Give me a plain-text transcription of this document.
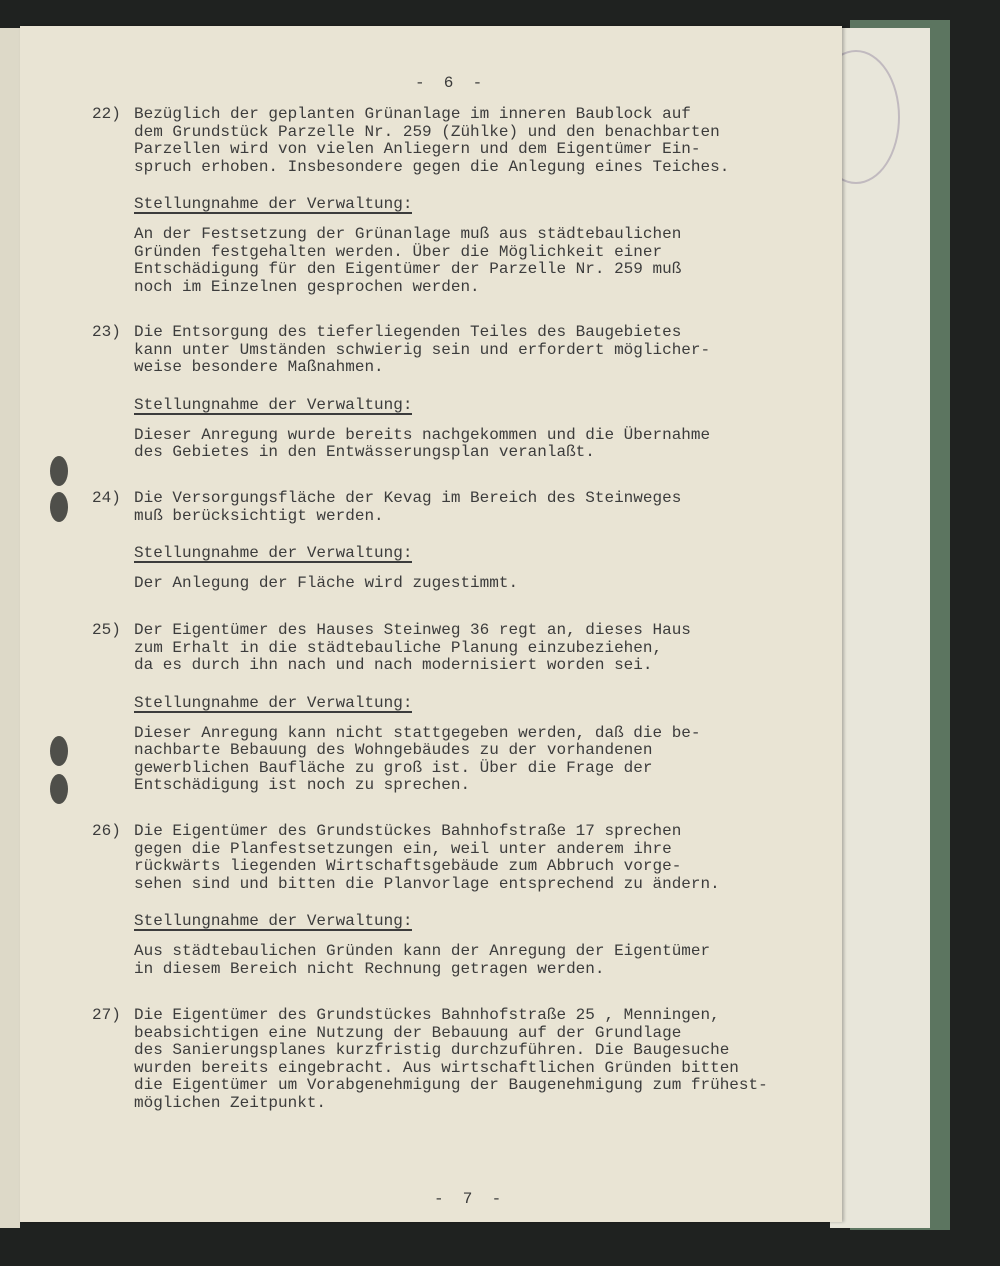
-  6  -
22) Bezüglich der geplanten Grünanlage im inneren Baublock auf

dem Grundstück Parzelle Nr. 259 (Zühlke) und den benachbarten

Parzellen wird von vielen Anliegern und dem Eigentümer Ein-

spruch erhoben. Insbesondere gegen die Anlegung eines Teiches.

Stellungnahme der Verwaltung:

An der Festsetzung der Grünanlage muß aus städtebaulichen

Gründen festgehalten werden. Über die Möglichkeit einer

Entschädigung für den Eigentümer der Parzelle Nr. 259 muß

noch im Einzelnen gesprochen werden.

23) Die Entsorgung des tieferliegenden Teiles des Baugebietes

kann unter Umständen schwierig sein und erfordert möglicher-

weise besondere Maßnahmen.

Stellungnahme der Verwaltung:

Dieser Anregung wurde bereits nachgekommen und die Übernahme

des Gebietes in den Entwässerungsplan veranlaßt.

24) Die Versorgungsfläche der Kevag im Bereich des Steinweges

muß berücksichtigt werden.

Stellungnahme der Verwaltung:

Der Anlegung der Fläche wird zugestimmt.

25) Der Eigentümer des Hauses Steinweg 36 regt an, dieses Haus

zum Erhalt in die städtebauliche Planung einzubeziehen,

da es durch ihn nach und nach modernisiert worden sei.

Stellungnahme der Verwaltung:

Dieser Anregung kann nicht stattgegeben werden, daß die be-

nachbarte Bebauung des Wohngebäudes zu der vorhandenen

gewerblichen Baufläche zu groß ist. Über die Frage der

Entschädigung ist noch zu sprechen.

26) Die Eigentümer des Grundstückes Bahnhofstraße 17 sprechen

gegen die Planfestsetzungen ein, weil unter anderem ihre

rückwärts liegenden Wirtschaftsgebäude zum Abbruch vorge-

sehen sind und bitten die Planvorlage entsprechend zu ändern.

Stellungnahme der Verwaltung:

Aus städtebaulichen Gründen kann der Anregung der Eigentümer

in diesem Bereich nicht Rechnung getragen werden.

27) Die Eigentümer des Grundstückes Bahnhofstraße 25 , Menningen,

beabsichtigen eine Nutzung der Bebauung auf der Grundlage

des Sanierungsplanes kurzfristig durchzuführen. Die Baugesuche

wurden bereits eingebracht. Aus wirtschaftlichen Gründen bitten

die Eigentümer um Vorabgenehmigung der Baugenehmigung zum frühest-

möglichen Zeitpunkt.

-  7  -
